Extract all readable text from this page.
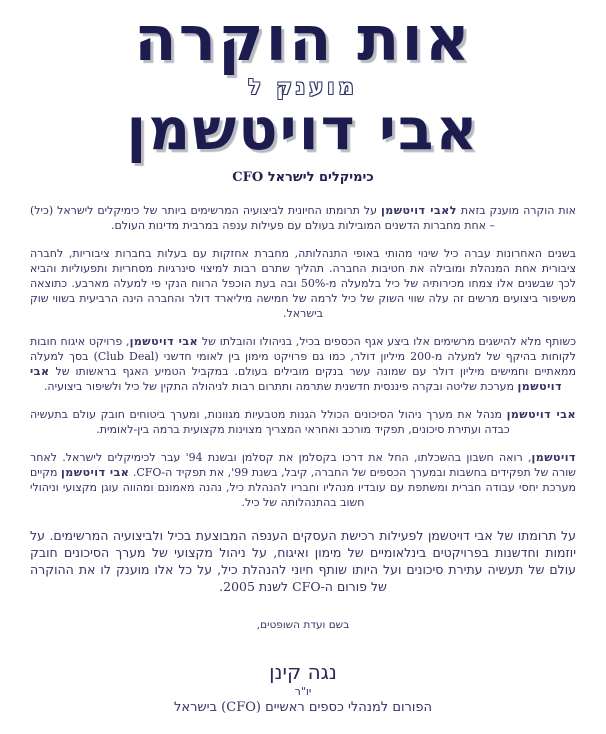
אות הוקרה
מוענק ל
אבי דויטשמן
כימיקלים לישראל CFO

אות הוקרה מוענק בזאת לאבי דויטשמן על תרומתו החיונית לביצועיה המרשימים ביותר של כימיקלים לישראל (כיל) – אחת מחברות הדשנים המובילות בעולם עם פעילות ענפה במרבית מדינות העולם.

בשנים האחרונות עברה כיל שינוי מהותי באופי התנהלותה, מחברת אחזקות עם בעלות בחברות ציבוריות, לחברה ציבורית אחת המנהלת ומובילה את חטיבות החברה. תהליך שתרם רבות למיצוי סינרגיות מסחריות ותפעוליות והביא לכך שבשנים אלו צמחו מכירותיה של כיל בלמעלה מ-50% ובה בעת הוכפל הרווח הנקי פי למעלה מארבע. כתוצאה משיפור ביצועים מרשים זה עלה שווי השוק של כיל לרמה של חמישה מיליארד דולר והחברה הינה הרביעית בשווי שוק בישראל.

כשותף מלא להישגים מרשימים אלו ביצע אגף הכספים בכיל, בניהולו והובלתו של אבי דויטשמן, פרויקט איגוח חובות לקוחות בהיקף של למעלה מ-200 מיליון דולר, כמו גם פרויקט מימון בין לאומי חדשני (Club Deal) בסך למעלה ממאתיים וחמישים מיליון דולר עם שמונה עשר בנקים מובילים בעולם. במקביל הטמיע האגף בראשותו של אבי דויטשמן מערכת שליטה ובקרה פיננסית חדשנית שתרמה ותתרום רבות לניהולה התקין של כיל ולשיפור ביצועיה.

אבי דויטשמן מנהל את מערך ניהול הסיכונים הכולל הגנות מטבעיות מגוונות, ומערך ביטוחים חובק עולם בתעשיה כבדה ועתירת סיכונים, תפקיד מורכב ואחראי המצריך מצוינות מקצועית ברמה בין-לאומית.

דויטשמן, רואה חשבון בהשכלתו, החל את דרכו בקסלמן את קסלמן ובשנת 94' עבר לכימיקלים לישראל. לאחר שורה של תפקידים בחשבות ובמערך הכספים של החברה, קיבל, בשנת 99', את תפקיד ה-CFO. אבי דויטשמן מקיים מערכת יחסי עבודה חברית ומשתפת עם עובדיו מנהליו וחבריו להנהלת כיל, נהנה מאמונם ומהווה עוגן מקצועי וניהולי חשוב בהתנהלותה של כיל.

על תרומתו של אבי דויטשמן לפעילות רכישת העסקים הענפה המבוצעת בכיל ולביצועיה המרשימים. על יוזמות וחדשנות בפרויקטים בינלאומיים של מימון ואיגוח, על ניהול מקצועי של מערך הסיכונים חובק עולם של תעשיה עתירת סיכונים ועל היותו שותף חיוני להנהלת כיל, על כל אלו מוענק לו את ההוקרה של פורום ה-CFO לשנת 2005.

בשם ועדת השופטים,
נגה קינן
יו"ר
הפורום למנהלי כספים ראשיים (CFO) בישראל
